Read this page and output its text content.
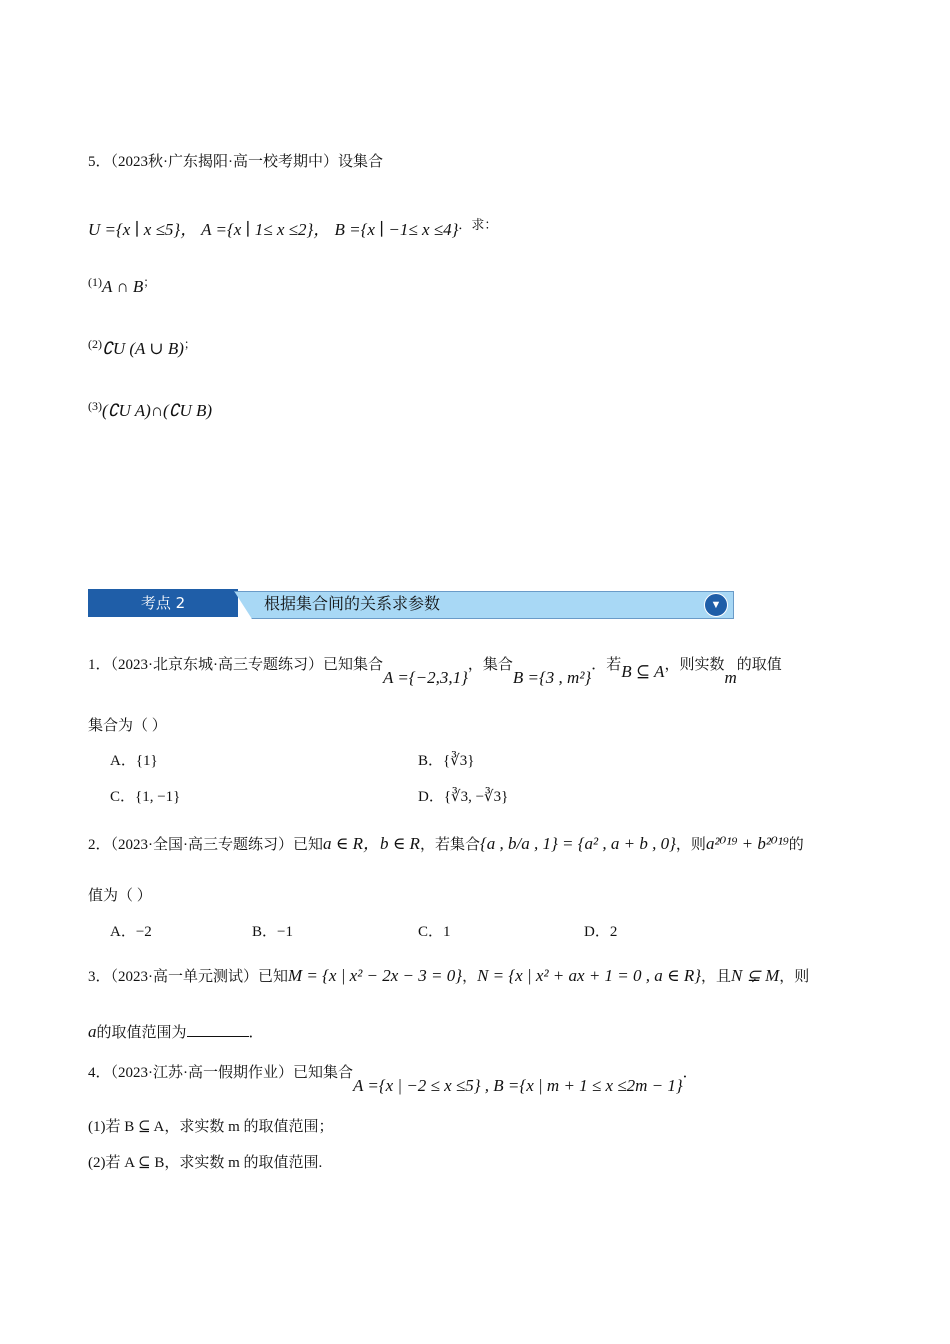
5．（2023秋·广东揭阳·高一校考期中）设集合
U ={x ∣ x ≤5}， A ={x ∣ 1≤ x ≤2}， B ={x ∣ −1≤ x ≤4}．求：
$^{(1)}$A ∩ B；
$^{(2)}$∁U (A ∪ B)；
$^{(3)}$(∁U A)∩(∁U B)
考点 2	根据集合间的关系求参数	▼
1．（2023·北京东城·高三专题练习）已知集合A ={−2,3,1}，集合B ={3 , m²}．若B ⊆ A，则实数m的取值
集合为（ ）
A．{1}	B．{∛3}
C．{1, −1}	D．{∛3, −∛3}
2．（2023·全国·高三专题练习）已知a ∈ R，b ∈ R，若集合{a , b/a , 1} = {a² , a + b , 0}，则a²⁰¹⁹ + b²⁰¹⁹的
值为（ ）
A．−2	B．−1	C．1	D．2
3．（2023·高一单元测试）已知M = {x | x² − 2x − 3 = 0}，N = {x | x² + ax + 1 = 0 , a ∈ R}，且N ⊊ M，则
a的取值范围为	．
4．（2023·江苏·高一假期作业）已知集合A ={x | −2 ≤ x ≤5} , B ={x | m + 1 ≤ x ≤2m − 1}．
(1)若 B ⊆ A，求实数 m 的取值范围；
(2)若 A ⊆ B，求实数 m 的取值范围.
